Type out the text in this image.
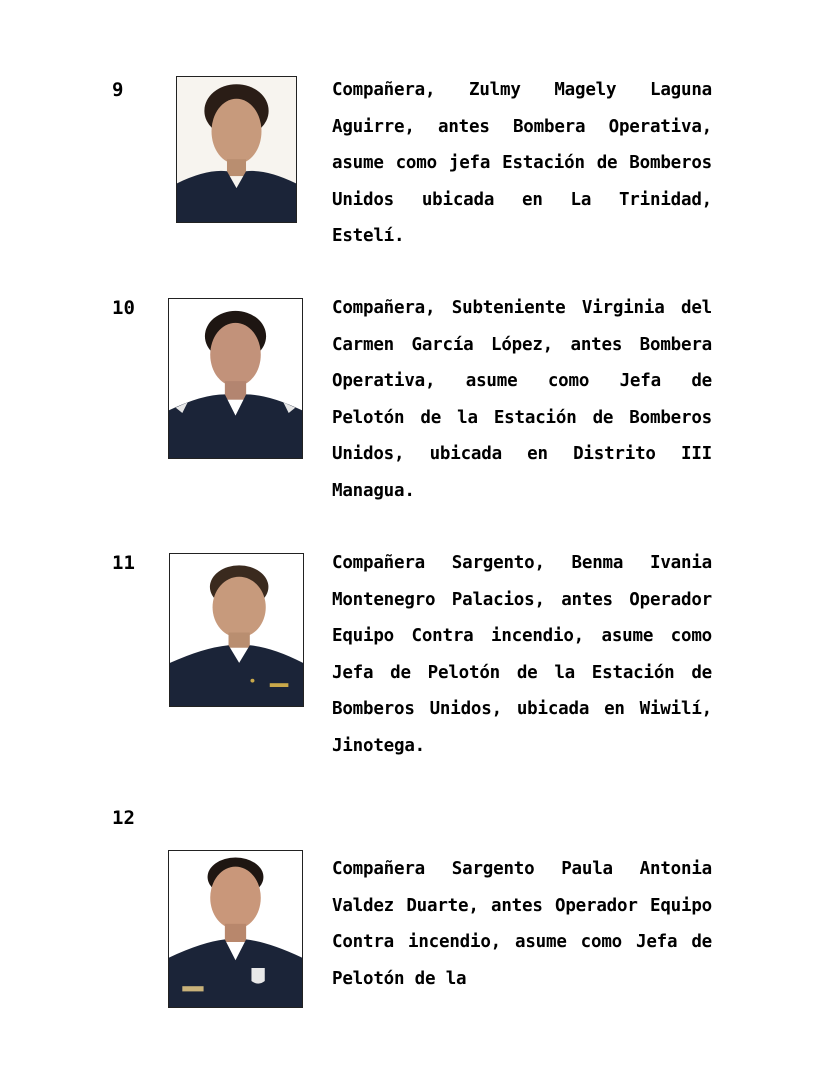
9	Compañera, Zulmy Magely Laguna Aguirre, antes Bombera Operativa, asume como jefa Estación de Bomberos Unidos ubicada en La Trinidad, Estelí.

10	Compañera, Subteniente Virginia del Carmen García López, antes Bombera Operativa, asume como Jefa de Pelotón de la Estación de Bomberos Unidos, ubicada en Distrito III Managua.

11	Compañera Sargento, Benma Ivania Montenegro Palacios, antes Operador Equipo Contra incendio, asume como Jefa de Pelotón de la Estación de Bomberos Unidos, ubicada en Wiwilí, Jinotega.

12

Compañera Sargento Paula Antonia Valdez Duarte, antes Operador Equipo Contra incendio, asume como Jefa de Pelotón de la
